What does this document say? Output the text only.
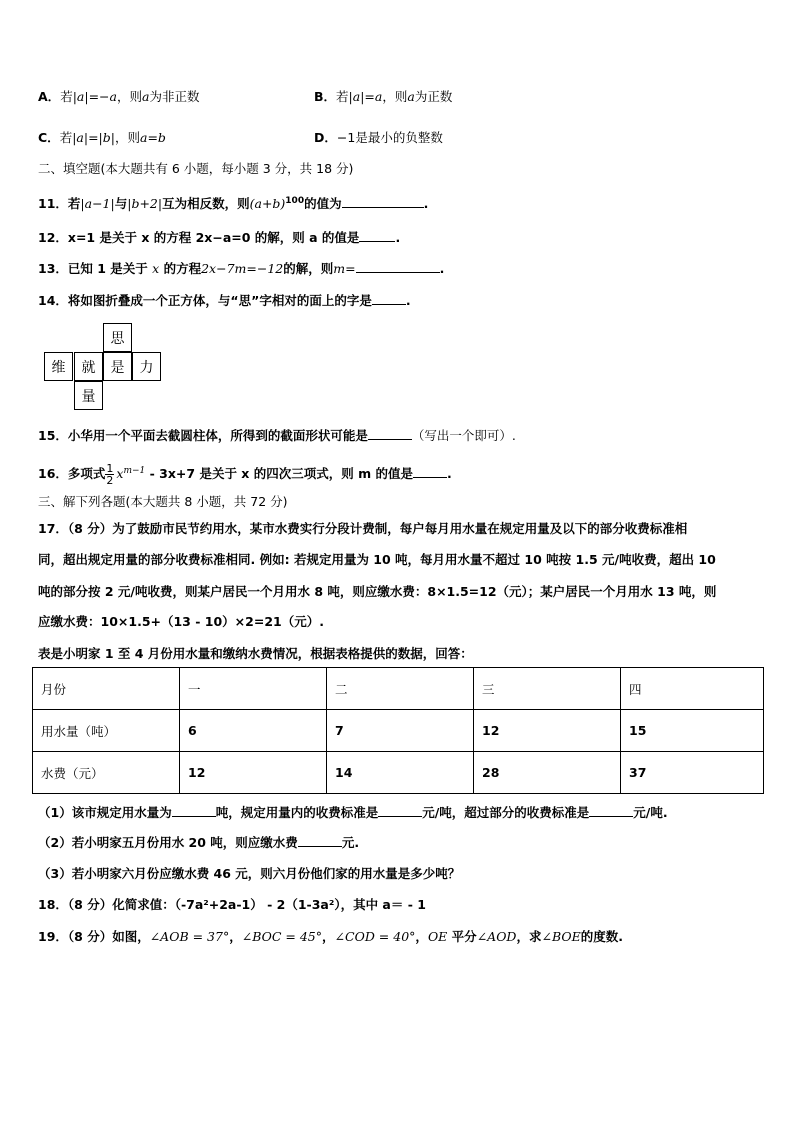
A．若|a|=−a，则a为非正数	B．若|a|=a，则a为正数
C．若|a|=|b|，则a=b	D．−1是最小的负整数
二、填空题(本大题共有 6 小题，每小题 3 分，共 18 分)
11．若|a−1|与|b+2|互为相反数，则$(a+b)^{100}$的值为	.
12．x=1 是关于 x 的方程 2x−a=0 的解，则 a 的值是	.
13．已知 1 是关于 x 的方程2x−7m=−12的解，则m=	.
14．将如图折叠成一个正方体，与“思”字相对的面上的字是	.
思
维	就	是	力
量
15．小华用一个平面去截圆柱体，所得到的截面形状可能是	（写出一个即可）.
16．多项式 $\frac{1}{2} x^{m-1} - 3x+7$ 是关于 x 的四次三项式，则 m 的值是	.
三、解下列各题(本大题共 8 小题，共 72 分)
17．（8 分）为了鼓励市民节约用水，某市水费实行分段计费制，每户每月用水量在规定用量及以下的部分收费标准相
同，超出规定用量的部分收费标准相同. 例如: 若规定用量为 10 吨，每月用水量不超过 10 吨按 1.5 元/吨收费，超出 10
吨的部分按 2 元/吨收费，则某户居民一个月用水 8 吨，则应缴水费：8×1.5=12（元）；某户居民一个月用水 13 吨，则
应缴水费：10×1.5+（13 - 10）×2=21（元）.
表是小明家 1 至 4 月份用水量和缴纳水费情况，根据表格提供的数据，回答：
月份	一	二	三	四
用水量（吨）	6	7	12	15
水费（元）	12	14	28	37
（1）该市规定用水量为	吨，规定用量内的收费标准是	元/吨，超过部分的收费标准是	元/吨.
（2）若小明家五月份用水 20 吨，则应缴水费	元.
（3）若小明家六月份应缴水费 46 元，则六月份他们家的用水量是多少吨？
18．（8 分）化简求值：（-7a²+2a-1） - 2（1-3a²），其中 a＝ - 1
19．（8 分）如图，∠AOB = 37°，∠BOC = 45°，∠COD = 40°，OE 平分∠AOD，求∠BOE的度数.
